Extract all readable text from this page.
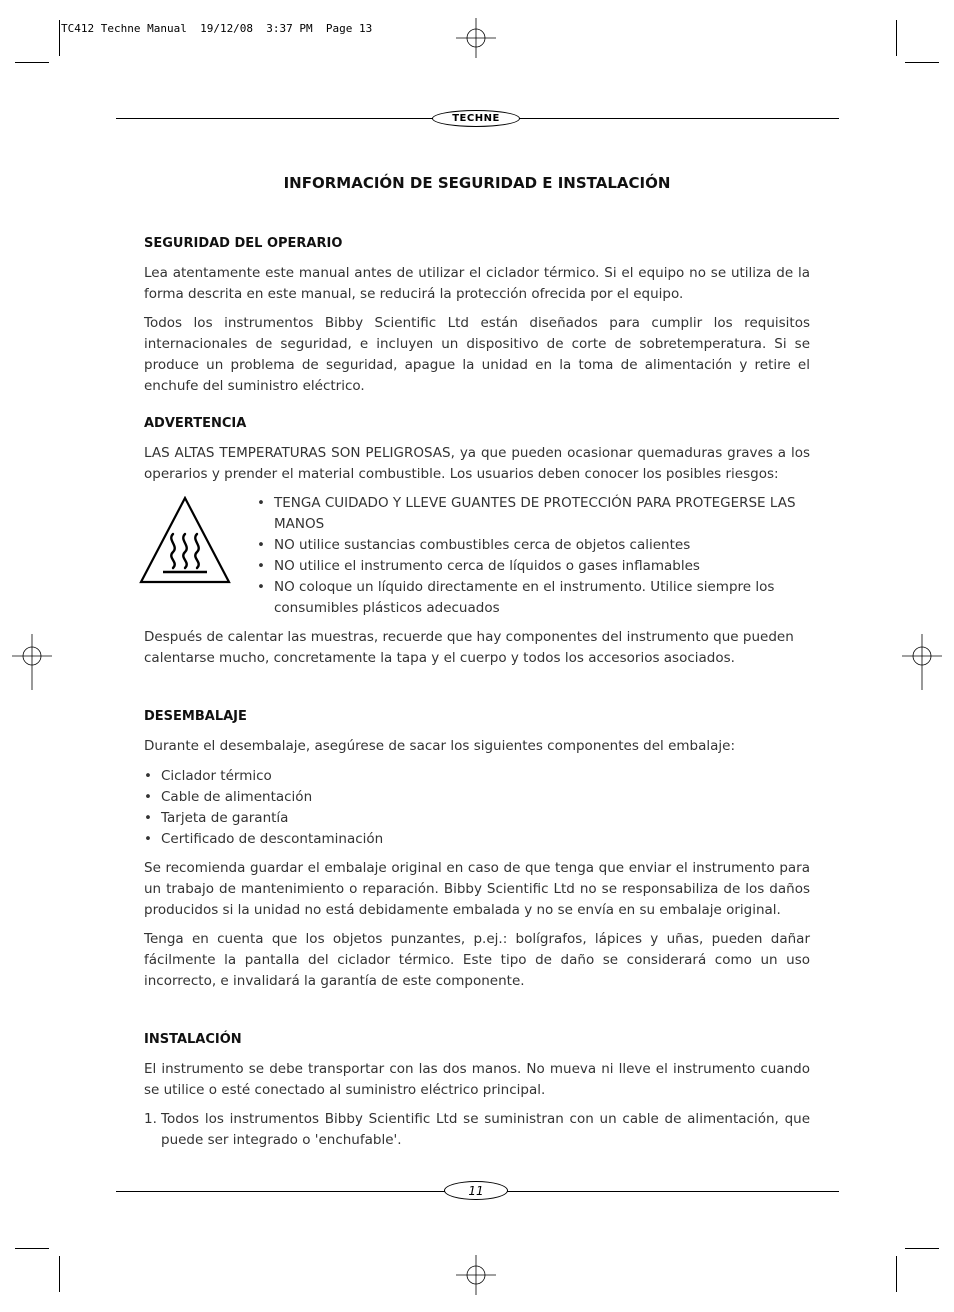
TC412 Techne Manual  19/12/08  3:37 PM  Page 13
TECHNE
INFORMACIÓN DE SEGURIDAD E INSTALACIÓN
SEGURIDAD DEL OPERARIO
Lea atentamente este manual antes de utilizar el ciclador térmico. Si el equipo no se utiliza de la forma descrita en este manual, se reducirá la protección ofrecida por el equipo.
Todos los instrumentos Bibby Scientific Ltd están diseñados para cumplir los requisitos internacionales de seguridad, e incluyen un dispositivo de corte de sobretemperatura. Si se produce un problema de seguridad, apague la unidad en la toma de alimentación y retire el enchufe del suministro eléctrico.
ADVERTENCIA
LAS ALTAS TEMPERATURAS SON PELIGROSAS, ya que pueden ocasionar quemaduras graves a los operarios y prender el material combustible. Los usuarios deben conocer los posibles riesgos:
• TENGA CUIDADO Y LLEVE GUANTES DE PROTECCIÓN PARA PROTEGERSE LAS MANOS
• NO utilice sustancias combustibles cerca de objetos calientes
• NO utilice el instrumento cerca de líquidos o gases inflamables
• NO coloque un líquido directamente en el instrumento. Utilice siempre los consumibles plásticos adecuados
Después de calentar las muestras, recuerde que hay componentes del instrumento que pueden calentarse mucho, concretamente la tapa y el cuerpo y todos los accesorios asociados.
DESEMBALAJE
Durante el desembalaje, asegúrese de sacar los siguientes componentes del embalaje:
• Ciclador térmico
• Cable de alimentación
• Tarjeta de garantía
• Certificado de descontaminación
Se recomienda guardar el embalaje original en caso de que tenga que enviar el instrumento para un trabajo de mantenimiento o reparación. Bibby Scientific Ltd no se responsabiliza de los daños producidos si la unidad no está debidamente embalada y no se envía en su embalaje original.
Tenga en cuenta que los objetos punzantes, p.ej.: bolígrafos, lápices y uñas, pueden dañar fácilmente la pantalla del ciclador térmico. Este tipo de daño se considerará como un uso incorrecto, e invalidará la garantía de este componente.
INSTALACIÓN
El instrumento se debe transportar con las dos manos. No mueva ni lleve el instrumento cuando se utilice o esté conectado al suministro eléctrico principal.
1. Todos los instrumentos Bibby Scientific Ltd se suministran con un cable de alimentación, que puede ser integrado o 'enchufable'.
11
